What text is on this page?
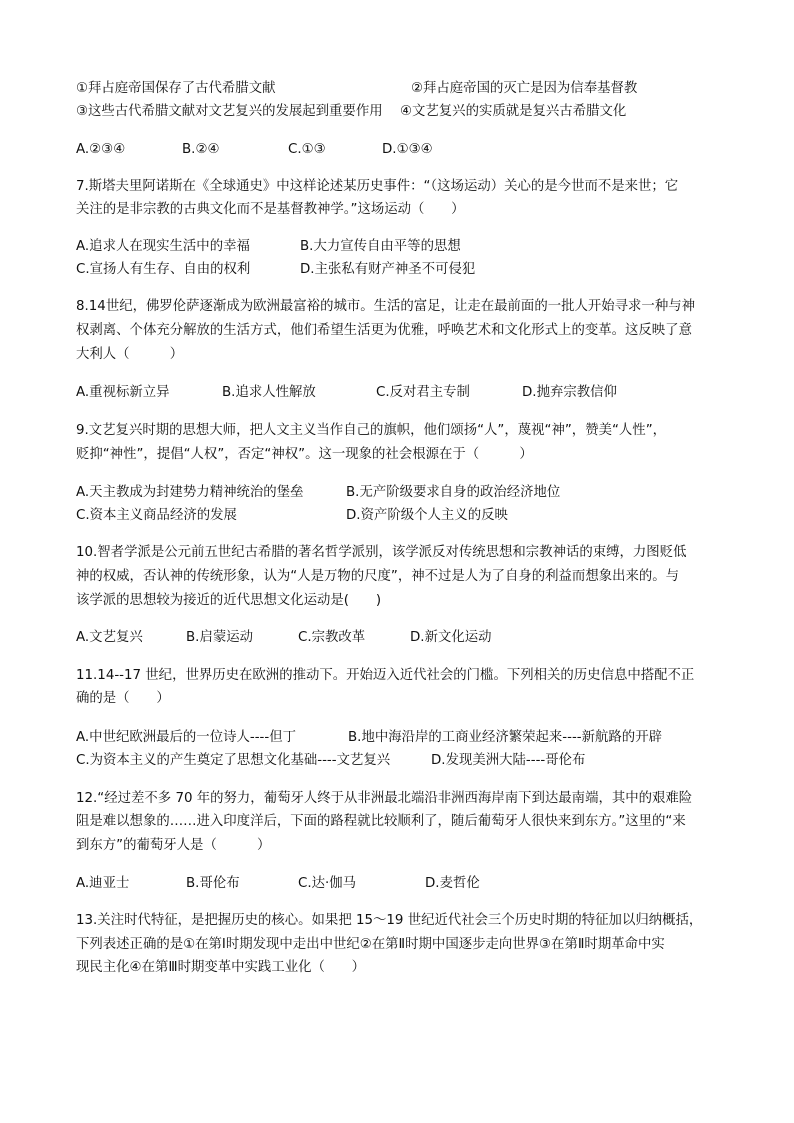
①拜占庭帝国保存了古代希腊文献	②拜占庭帝国的灭亡是因为信奉基督教
③这些古代希腊文献对文艺复兴的发展起到重要作用 ④文艺复兴的实质就是复兴古希腊文化
A.②③④	B.②④	C.①③	D.①③④

7.斯塔夫里阿诺斯在《全球通史》中这样论述某历史事件：“（这场运动）关心的是今世而不是来世；它

关注的是非宗教的古典文化而不是基督教神学。”这场运动（　　）

A.追求人在现实生活中的幸福	B.大力宣传自由平等的思想
C.宣扬人有生存、自由的权利	D.主张私有财产神圣不可侵犯

8.14世纪，佛罗伦萨逐渐成为欧洲最富裕的城市。生活的富足，让走在最前面的一批人开始寻求一种与神

权剥离、个体充分解放的生活方式，他们希望生活更为优雅，呼唤艺术和文化形式上的变革。这反映了意

大利人（　　　）

A.重视标新立异	B.追求人性解放	C.反对君主专制	D.抛弃宗教信仰

9.文艺复兴时期的思想大师，把人文主义当作自己的旗帜，他们颂扬“人”，蔑视“神”，赞美“人性”，

贬抑“神性”，提倡“人权”，否定“神权”。这一现象的社会根源在于（　　　）

A.天主教成为封建势力精神统治的堡垒	B.无产阶级要求自身的政治经济地位
C.资本主义商品经济的发展	D.资产阶级个人主义的反映

10.智者学派是公元前五世纪古希腊的著名哲学派别，该学派反对传统思想和宗教神话的束缚，力图贬低

神的权威，否认神的传统形象，认为“人是万物的尺度”，神不过是人为了自身的利益而想象出来的。与

该学派的思想较为接近的近代思想文化运动是(　　)

A.文艺复兴	B.启蒙运动	C.宗教改革	D.新文化运动

11.14--17 世纪，世界历史在欧洲的推动下。开始迈入近代社会的门槛。下列相关的历史信息中搭配不正

确的是（　　）

A.中世纪欧洲最后的一位诗人----但丁	B.地中海沿岸的工商业经济繁荣起来----新航路的开辟
C.为资本主义的产生奠定了思想文化基础----文艺复兴	D.发现美洲大陆----哥伦布

12.“经过差不多 70 年的努力，葡萄牙人终于从非洲最北端沿非洲西海岸南下到达最南端，其中的艰难险

阻是难以想象的……进入印度洋后，下面的路程就比较顺利了，随后葡萄牙人很快来到东方。”这里的“来

到东方”的葡萄牙人是（　　　）

A.迪亚士	B.哥伦布	C.达·伽马	D.麦哲伦

13.关注时代特征，是把握历史的核心。如果把 15～19 世纪近代社会三个历史时期的特征加以归纳概括，

下列表述正确的是①在第Ⅰ时期发现中走出中世纪②在第Ⅱ时期中国逐步走向世界③在第Ⅱ时期革命中实

现民主化④在第Ⅲ时期变革中实践工业化（　　）
